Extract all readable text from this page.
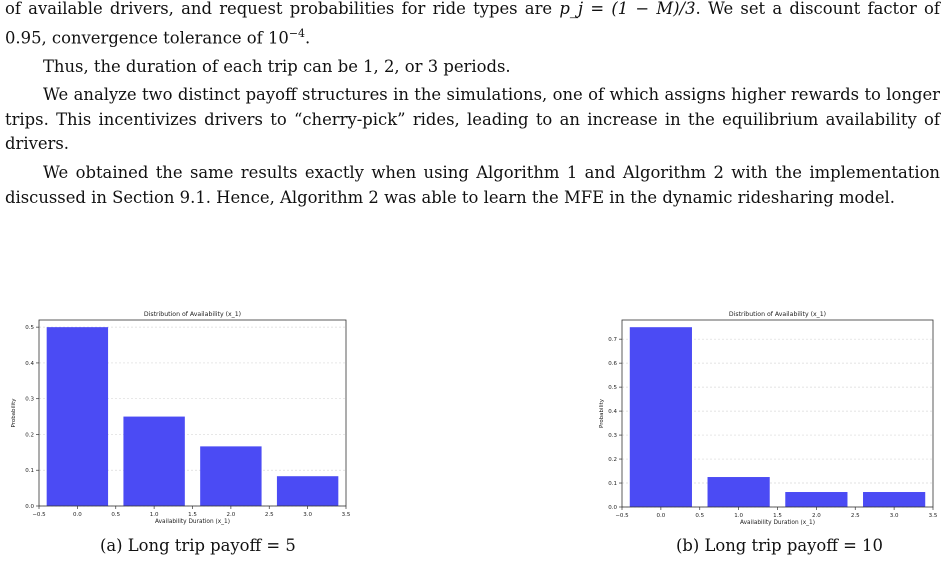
of available drivers, and request probabilities for ride types are p_j = (1 − M)/3. We set a discount factor of 0.95, convergence tolerance of $10^{-4}$.

Thus, the duration of each trip can be 1, 2, or 3 periods.

We analyze two distinct payoff structures in the simulations, one of which assigns higher rewards to longer trips. This incentivizes drivers to “cherry-pick” rides, leading to an increase in the equilibrium availability of drivers.

We obtained the same results exactly when using Algorithm 1 and Algorithm 2 with the implementation discussed in Section 9.1. Hence, Algorithm 2 was able to learn the MFE in the dynamic ridesharing model.

0.0
0.1
0.2
0.3
0.4
0.5
−0.5	0.0	0.5	1.0	1.5	2.0	2.5	3.0	3.5
Distribution of Availability (x_1)
Availability Duration (x_1)
Probability
0.0
0.1
0.2
0.3
0.4
0.5
0.6
0.7
−0.5	0.0	0.5	1.0	1.5	2.0	2.5	3.0	3.5
Distribution of Availability (x_1)
Availability Duration (x_1)
Probability
(a) Long trip payoff = 5	(b) Long trip payoff = 10
